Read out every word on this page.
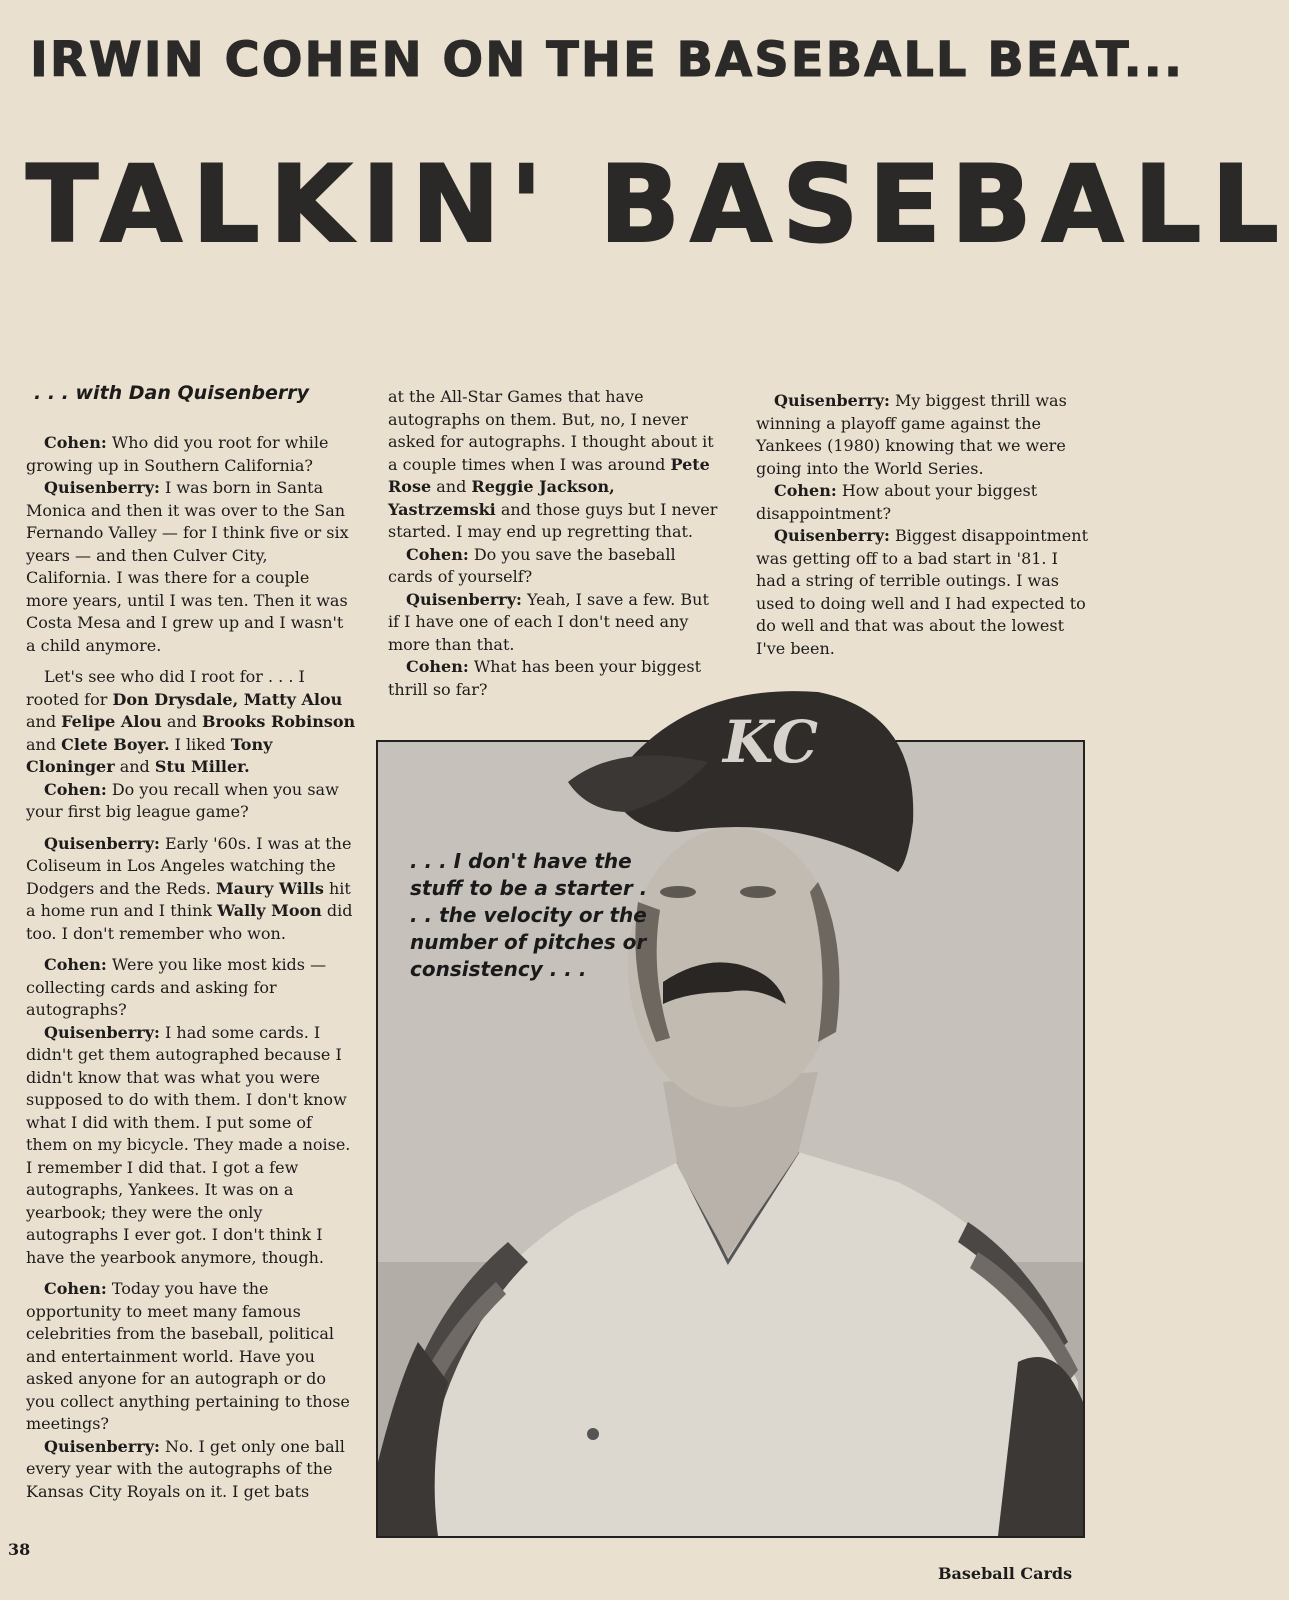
IRWIN COHEN ON THE BASEBALL BEAT...
TALKIN' BASEBALL
. . . with Dan Quisenberry

Cohen: Who did you root for while growing up in Southern California?

Quisenberry: I was born in Santa Monica and then it was over to the San Fernando Valley — for I think five or six years — and then Culver City, California. I was there for a couple more years, until I was ten. Then it was Costa Mesa and I grew up and I wasn't a child anymore.

Let's see who did I root for . . . I rooted for Don Drysdale, Matty Alou and Felipe Alou and Brooks Robinson and Clete Boyer. I liked Tony Cloninger and Stu Miller.

Cohen: Do you recall when you saw your first big league game?

Quisenberry: Early '60s. I was at the Coliseum in Los Angeles watching the Dodgers and the Reds. Maury Wills hit a home run and I think Wally Moon did too. I don't remember who won.

Cohen: Were you like most kids — collecting cards and asking for autographs?

Quisenberry: I had some cards. I didn't get them autographed because I didn't know that was what you were supposed to do with them. I don't know what I did with them. I put some of them on my bicycle. They made a noise. I remember I did that. I got a few autographs, Yankees. It was on a yearbook; they were the only autographs I ever got. I don't think I have the yearbook anymore, though.

Cohen: Today you have the opportunity to meet many famous celebrities from the baseball, political and entertainment world. Have you asked anyone for an autograph or do you collect anything pertaining to those meetings?

Quisenberry: No. I get only one ball every year with the autographs of the Kansas City Royals on it. I get bats

at the All-Star Games that have autographs on them. But, no, I never asked for autographs. I thought about it a couple times when I was around Pete Rose and Reggie Jackson, Yastrzemski and those guys but I never started. I may end up regretting that.

Cohen: Do you save the baseball cards of yourself?

Quisenberry: Yeah, I save a few. But if I have one of each I don't need any more than that.

Cohen: What has been your biggest thrill so far?

Quisenberry: My biggest thrill was winning a playoff game against the Yankees (1980) knowing that we were going into the World Series.

Cohen: How about your biggest disappointment?

Quisenberry: Biggest disappointment was getting off to a bad start in '81. I had a string of terrible outings. I was used to doing well and I had expected to do well and that was about the lowest I've been.

KC
. . . I don't have the stuff to be a starter . . . the velocity or the number of pitches or consistency . . .
38
Baseball Cards
